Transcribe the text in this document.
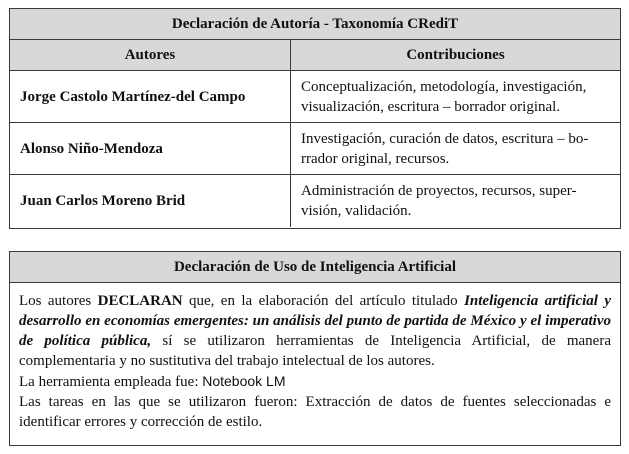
Declaración de Autoría - Taxonomía CRediT
Autores	Contribuciones
Jorge Castolo Martínez-del Campo	Conceptualización, metodología, investigación,
visualización, escritura – borrador original.
Alonso Niño-Mendoza	Investigación, curación de datos, escritura – bo-
rrador original, recursos.
Juan Carlos Moreno Brid	Administración de proyectos, recursos, super-
visión, validación.
Declaración de Uso de Inteligencia Artificial

Los autores DECLARAN que, en la elaboración del artículo titulado Inteligencia artificial y desarrollo en economías emergentes: un análisis del punto de partida de México y el imperativo de política pública, sí se utilizaron herramientas de Inteligencia Artificial, de manera complementaria y no sustitutiva del trabajo intelectual de los autores.

La herramienta empleada fue: Notebook LM

Las tareas en las que se utilizaron fueron: Extracción de datos de fuentes seleccionadas e identificar errores y corrección de estilo.
